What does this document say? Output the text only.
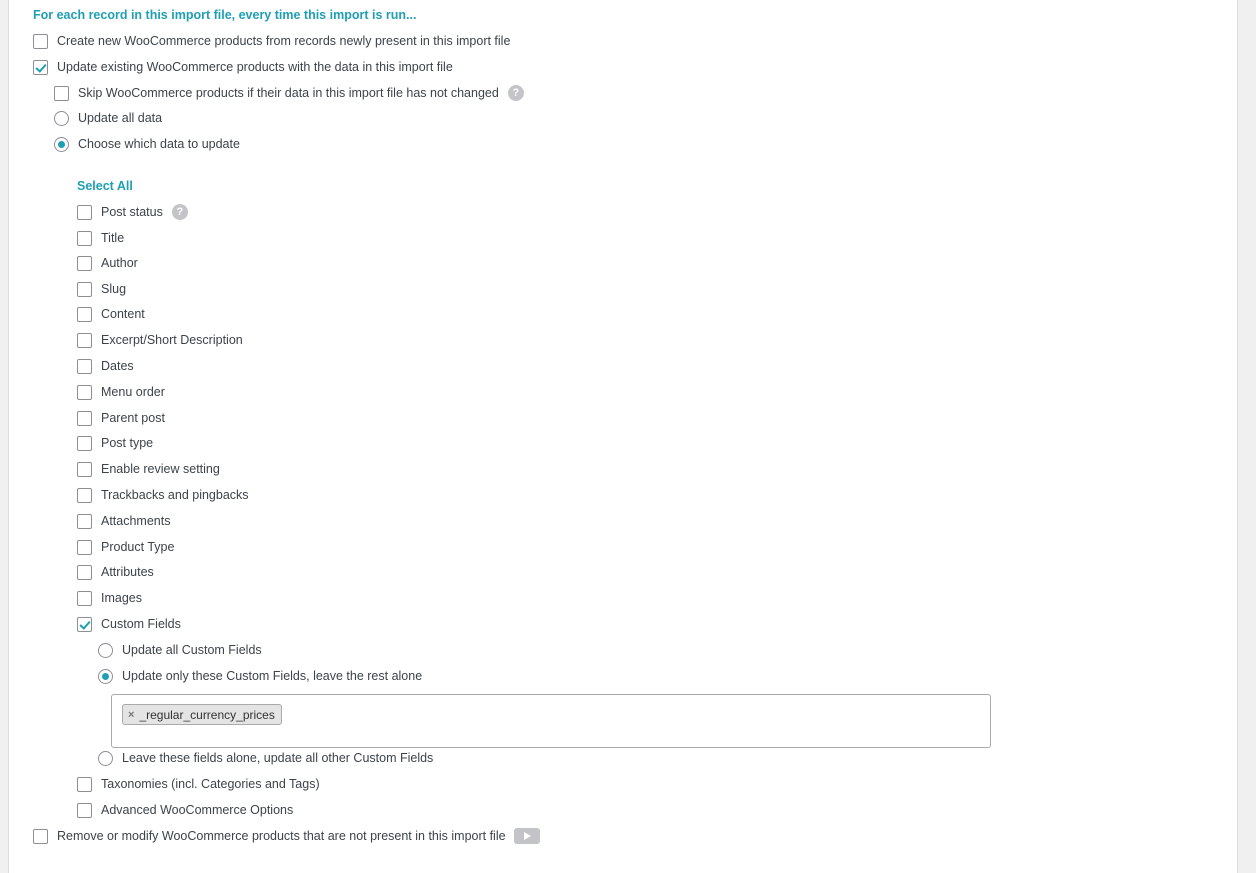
For each record in this import file, every time this import is run...
Create new WooCommerce products from records newly present in this import file
Update existing WooCommerce products with the data in this import file
Skip WooCommerce products if their data in this import file has not changed	?
Update all data
Choose which data to update
Select All
Post status	?
Title
Author
Slug
Content
Excerpt/Short Description
Dates
Menu order
Parent post
Post type
Enable review setting
Trackbacks and pingbacks
Attachments
Product Type
Attributes
Images
Custom Fields
Update all Custom Fields
Update only these Custom Fields, leave the rest alone
× _regular_currency_prices
Leave these fields alone, update all other Custom Fields
Taxonomies (incl. Categories and Tags)
Advanced WooCommerce Options
Remove or modify WooCommerce products that are not present in this import file
